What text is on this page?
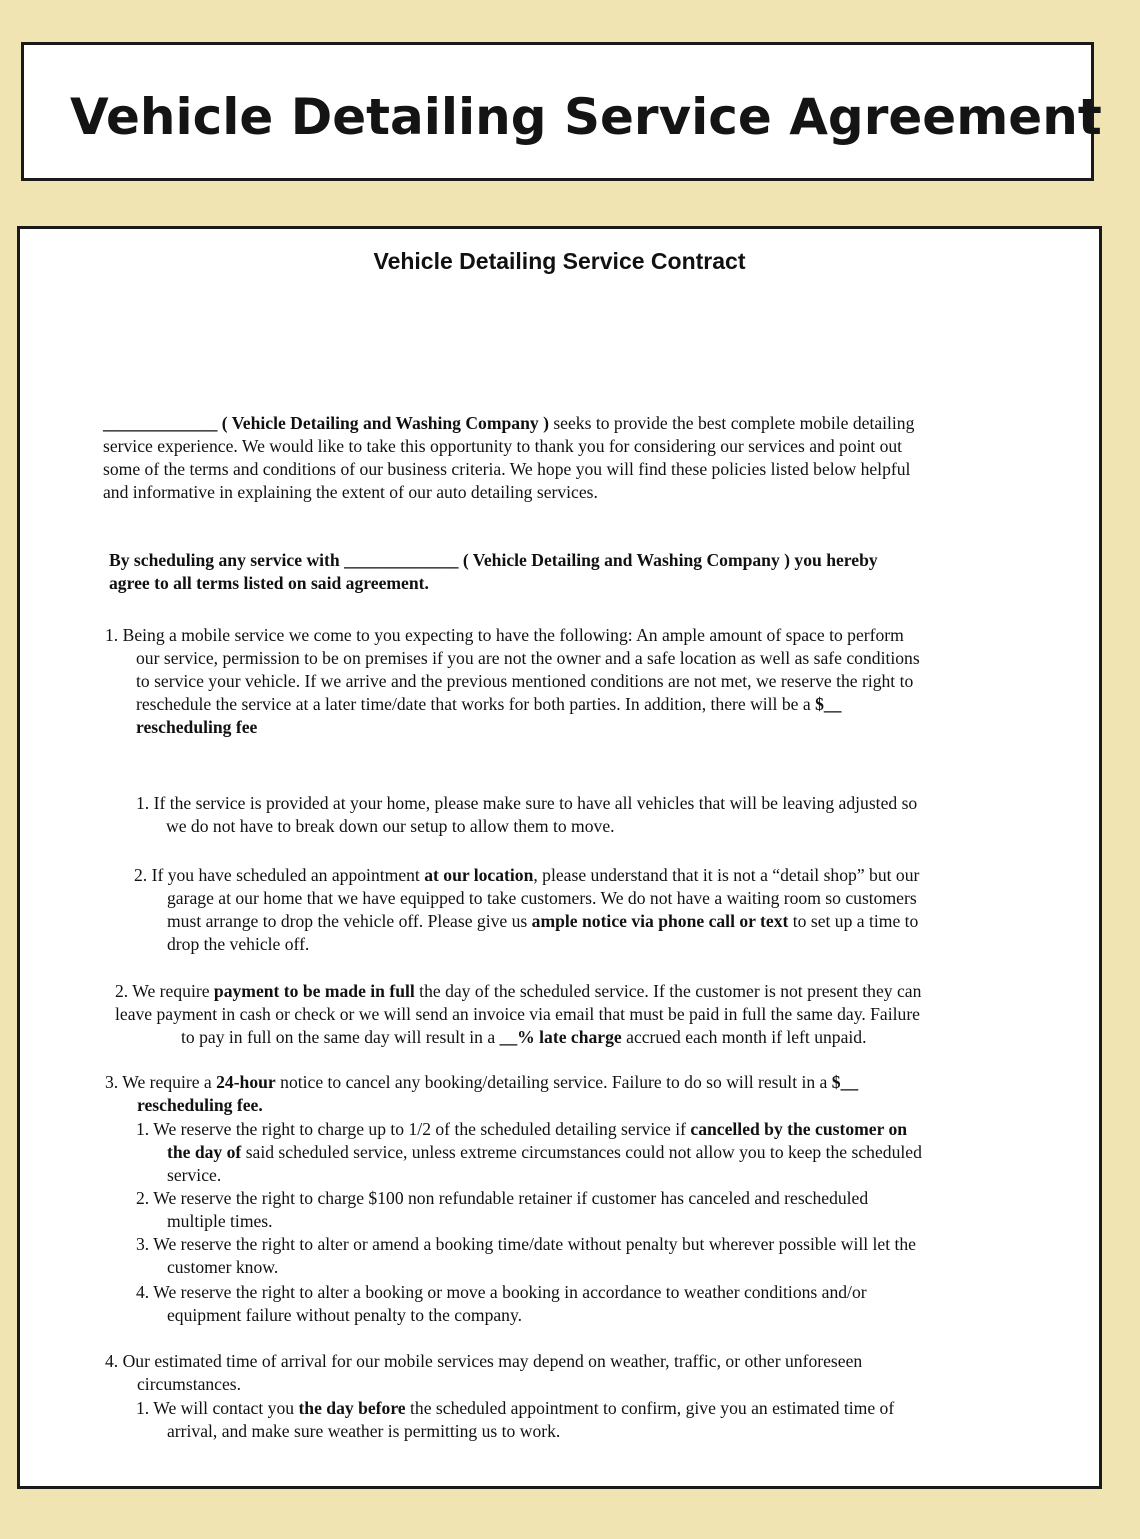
Vehicle Detailing Service Agreement
Vehicle Detailing Service Contract

_____________ ( Vehicle Detailing and Washing Company ) seeks to provide the best complete mobile detailing

service experience. We would like to take this opportunity to thank you for considering our services and point out

some of the terms and conditions of our business criteria. We hope you will find these policies listed below helpful

and informative in explaining the extent of our auto detailing services.

By scheduling any service with _____________ ( Vehicle Detailing and Washing Company ) you hereby

agree to all terms listed on said agreement.

1. Being a mobile service we come to you expecting to have the following: An ample amount of space to perform

our service, permission to be on premises if you are not the owner and a safe location as well as safe conditions

to service your vehicle. If we arrive and the previous mentioned conditions are not met, we reserve the right to

reschedule the service at a later time/date that works for both parties. In addition, there will be a $__

rescheduling fee

1. If the service is provided at your home, please make sure to have all vehicles that will be leaving adjusted so

we do not have to break down our setup to allow them to move.

2. If you have scheduled an appointment at our location, please understand that it is not a “detail shop” but our

garage at our home that we have equipped to take customers. We do not have a waiting room so customers

must arrange to drop the vehicle off. Please give us ample notice via phone call or text to set up a time to

drop the vehicle off.

2. We require payment to be made in full the day of the scheduled service. If the customer is not present they can

leave payment in cash or check or we will send an invoice via email that must be paid in full the same day. Failure

to pay in full on the same day will result in a __% late charge accrued each month if left unpaid.

3. We require a 24-hour notice to cancel any booking/detailing service. Failure to do so will result in a $__

rescheduling fee.

1. We reserve the right to charge up to 1/2 of the scheduled detailing service if cancelled by the customer on

the day of said scheduled service, unless extreme circumstances could not allow you to keep the scheduled

service.

2. We reserve the right to charge $100 non refundable retainer if customer has canceled and rescheduled

multiple times.

3. We reserve the right to alter or amend a booking time/date without penalty but wherever possible will let the

customer know.

4. We reserve the right to alter a booking or move a booking in accordance to weather conditions and/or

equipment failure without penalty to the company.

4. Our estimated time of arrival for our mobile services may depend on weather, traffic, or other unforeseen

circumstances.

1. We will contact you the day before the scheduled appointment to confirm, give you an estimated time of

arrival, and make sure weather is permitting us to work.
